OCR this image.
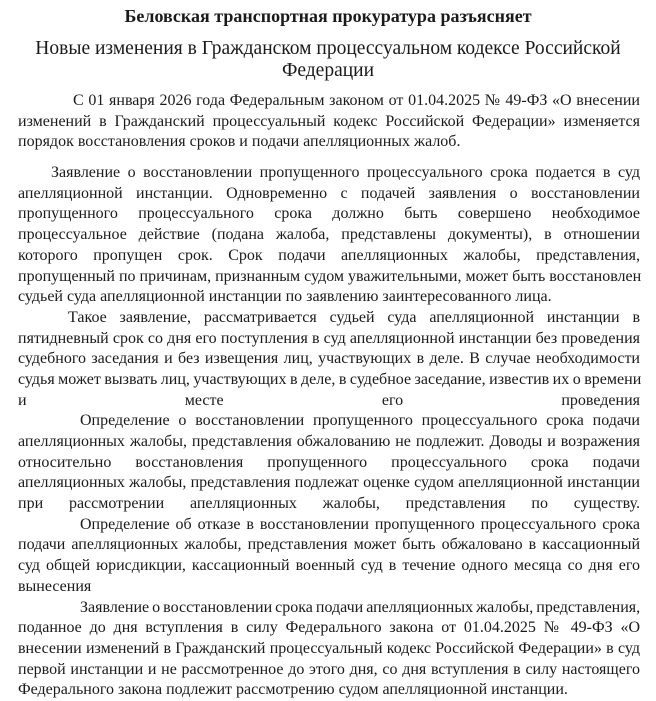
Беловская транспортная прокуратура разъясняет
Новые изменения в Гражданском процессуальном кодексе Российской
Федерации
С 01 января 2026 года Федеральным законом от 01.04.2025 № 49-ФЗ «О внесении
изменений в Гражданский процессуальный кодекс Российской Федерации» изменяется
порядок восстановления сроков и подачи апелляционных жалоб.
Заявление о восстановлении пропущенного процессуального срока подается в суд
апелляционной инстанции. Одновременно с подачей заявления о восстановлении
пропущенного процессуального срока должно быть совершено необходимое
процессуальное действие (подана жалоба, представлены документы), в отношении
которого пропущен срок. Срок подачи апелляционных жалобы, представления,
пропущенный по причинам, признанным судом уважительными, может быть восстановлен
судьей суда апелляционной инстанции по заявлению заинтересованного лица.
Такое заявление, рассматривается судьей суда апелляционной инстанции в
пятидневный срок со дня его поступления в суд апелляционной инстанции без проведения
судебного заседания и без извещения лиц, участвующих в деле. В случае необходимости
судья может вызвать лиц, участвующих в деле, в судебное заседание, известив их о времени
и месте его проведения
Определение о восстановлении пропущенного процессуального срока подачи
апелляционных жалобы, представления обжалованию не подлежит. Доводы и возражения
относительно восстановления пропущенного процессуального срока подачи
апелляционных жалобы, представления подлежат оценке судом апелляционной инстанции
при рассмотрении апелляционных жалобы, представления по существу.
Определение об отказе в восстановлении пропущенного процессуального срока
подачи апелляционных жалобы, представления может быть обжаловано в кассационный
суд общей юрисдикции, кассационный военный суд в течение одного месяца со дня его
вынесения
Заявление о восстановлении срока подачи апелляционных жалобы, представления,
поданное до дня вступления в силу Федерального закона от 01.04.2025 № 49-ФЗ «О
внесении изменений в Гражданский процессуальный кодекс Российской Федерации» в суд
первой инстанции и не рассмотренное до этого дня, со дня вступления в силу настоящего
Федерального закона подлежит рассмотрению судом апелляционной инстанции.
